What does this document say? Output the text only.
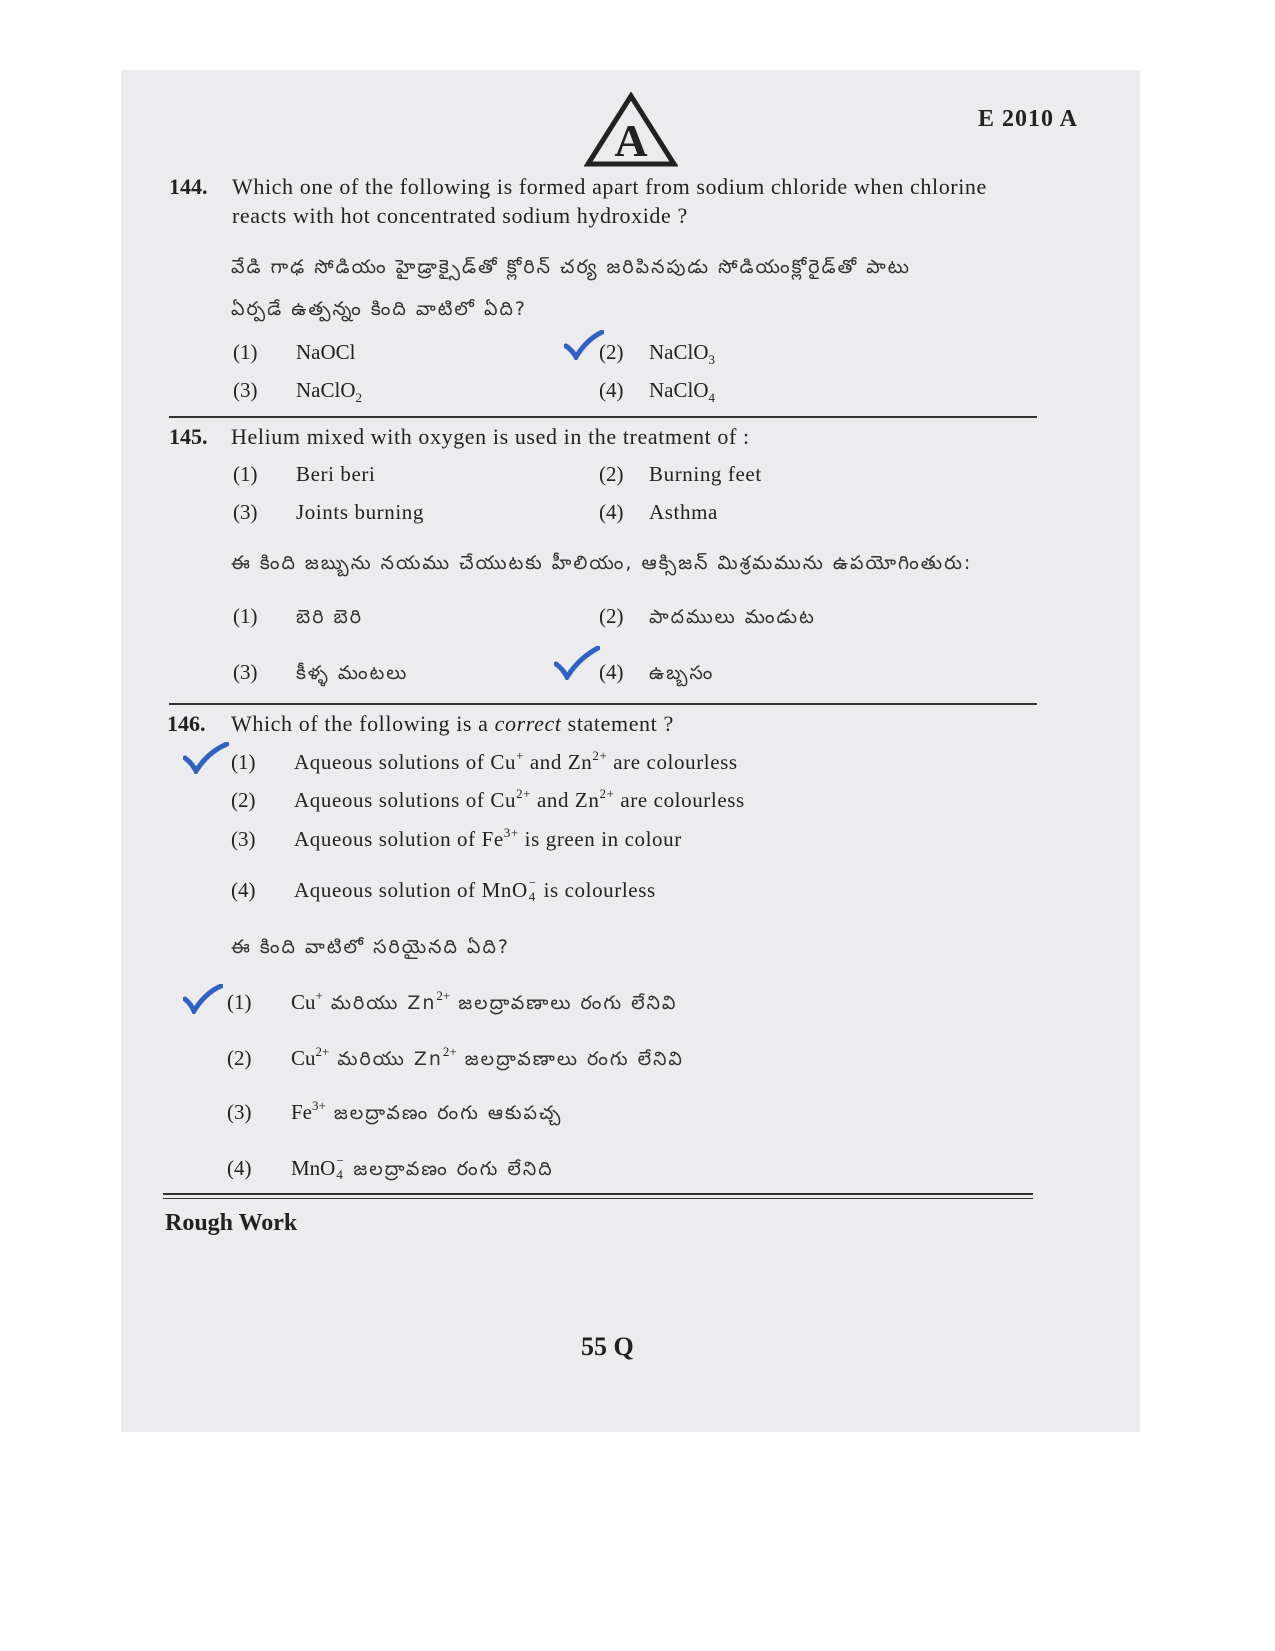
A	E 2010 A
144. Which one of the following is formed apart from sodium chloride when chlorine
reacts with hot concentrated sodium hydroxide ?
వేడి గాఢ సోడియం హైడ్రాక్సైడ్‌తో క్లోరిన్ చర్య జరిపినపుడు సోడియంక్లోరైడ్‌తో పాటు
ఏర్పడే ఉత్పన్నం కింది వాటిలో ఏది?
(1) NaOCl	(2) NaClO$_3$
(3) NaClO$_2$	(4) NaClO$_4$
145. Helium mixed with oxygen is used in the treatment of :
(1) Beri beri	(2) Burning feet
(3) Joints burning	(4) Asthma
ఈ కింది జబ్బును నయము చేయుటకు హీలియం, ఆక్సిజన్ మిశ్రమమును ఉపయోగింతురు:
(1) బెరి బెరి	(2) పాదములు మండుట
(3) కీళ్ళ మంటలు	(4) ఉబ్బసం
146. Which of the following is a correct statement ?
(1) Aqueous solutions of Cu+ and $Zn^{2+}$ are colourless
(2) Aqueous solutions of $Cu^{2+}$ and $Zn^{2+}$ are colourless
(3) Aqueous solution of $Fe^{3+}$ is green in colour
(4) Aqueous solution of MnO −
4 is colourless
ఈ కింది వాటిలో సరియైనది ఏది?
(1) Cu+ మరియు $Zn^{2+}$ జలద్రావణాలు రంగు లేనివి
(2) $Cu^{2+}$ మరియు $Zn^{2+}$ జలద్రావణాలు రంగు లేనివి
(3) $Fe^{3+}$ జలద్రావణం రంగు ఆకుపచ్చ
(4) MnO −
4 జలద్రావణం రంగు లేనిది
Rough Work
55 Q
